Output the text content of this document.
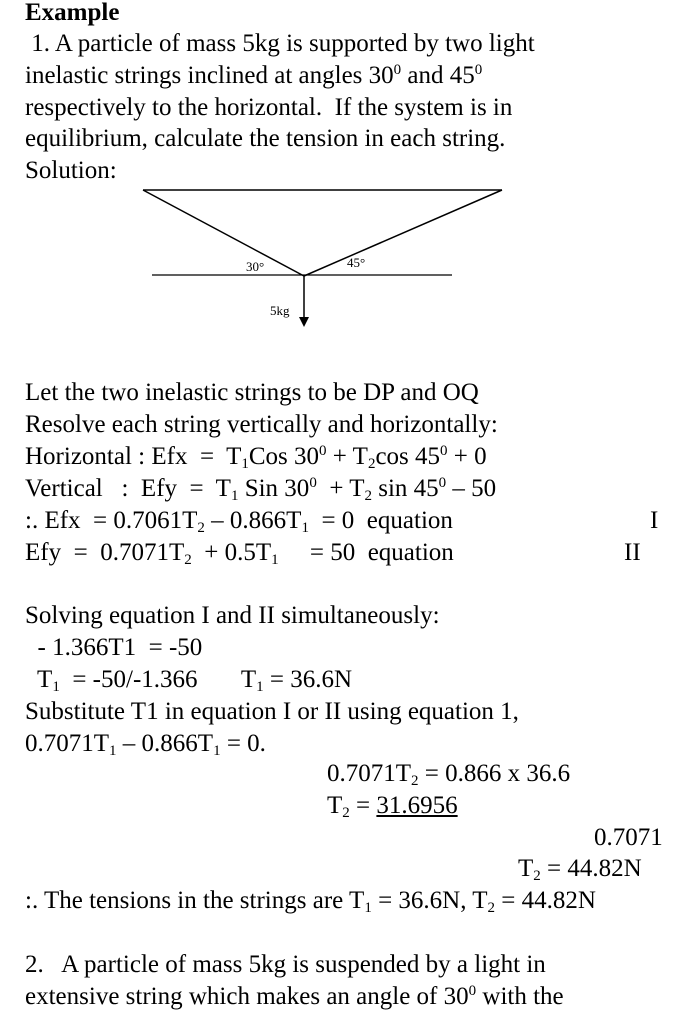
Example
1. A particle of mass 5kg is supported by two light
inelastic strings inclined at angles $30^0$ and $45^0$
respectively to the horizontal.  If the system is in
equilibrium, calculate the tension in each string.
Solution:
30°	45°
5kg
Let the two inelastic strings to be DP and OQ
Resolve each string vertically and horizontally:
Horizontal : Efx  =  $T_1Cos$ $30^0 + T_2\cos$ $45^0 + 0$
Vertical   :  Efy  =  $T_1$ Sin $30^0 + T_2$ $\sin 45^0 - 50$
:. Efx  = $0.7061T_2 - 0.866T_1 = 0$  equation	I
Efy  =  $0.7071T_2 + 0.5T_1$     = 50  equation	II
Solving equation I and II simultaneously:
- 1.366T1  = -50
$T_1 = -50/-1.366$       $T_1 = 36.6N$
Substitute T1 in equation I or II using equation 1,
$0.7071T_1 - 0.866T_1 = 0$.
$0.7071T_2 = 0.866$ x 36.6
$T_2 = 31.6956$
0.7071
$T_2 = 44.82N$
:. The tensions in the strings are $T_1 = 36.6N$, $T_2 = 44.82N$
2.   A particle of mass 5kg is suspended by a light in
extensive string which makes an angle of $30^0$ with the
